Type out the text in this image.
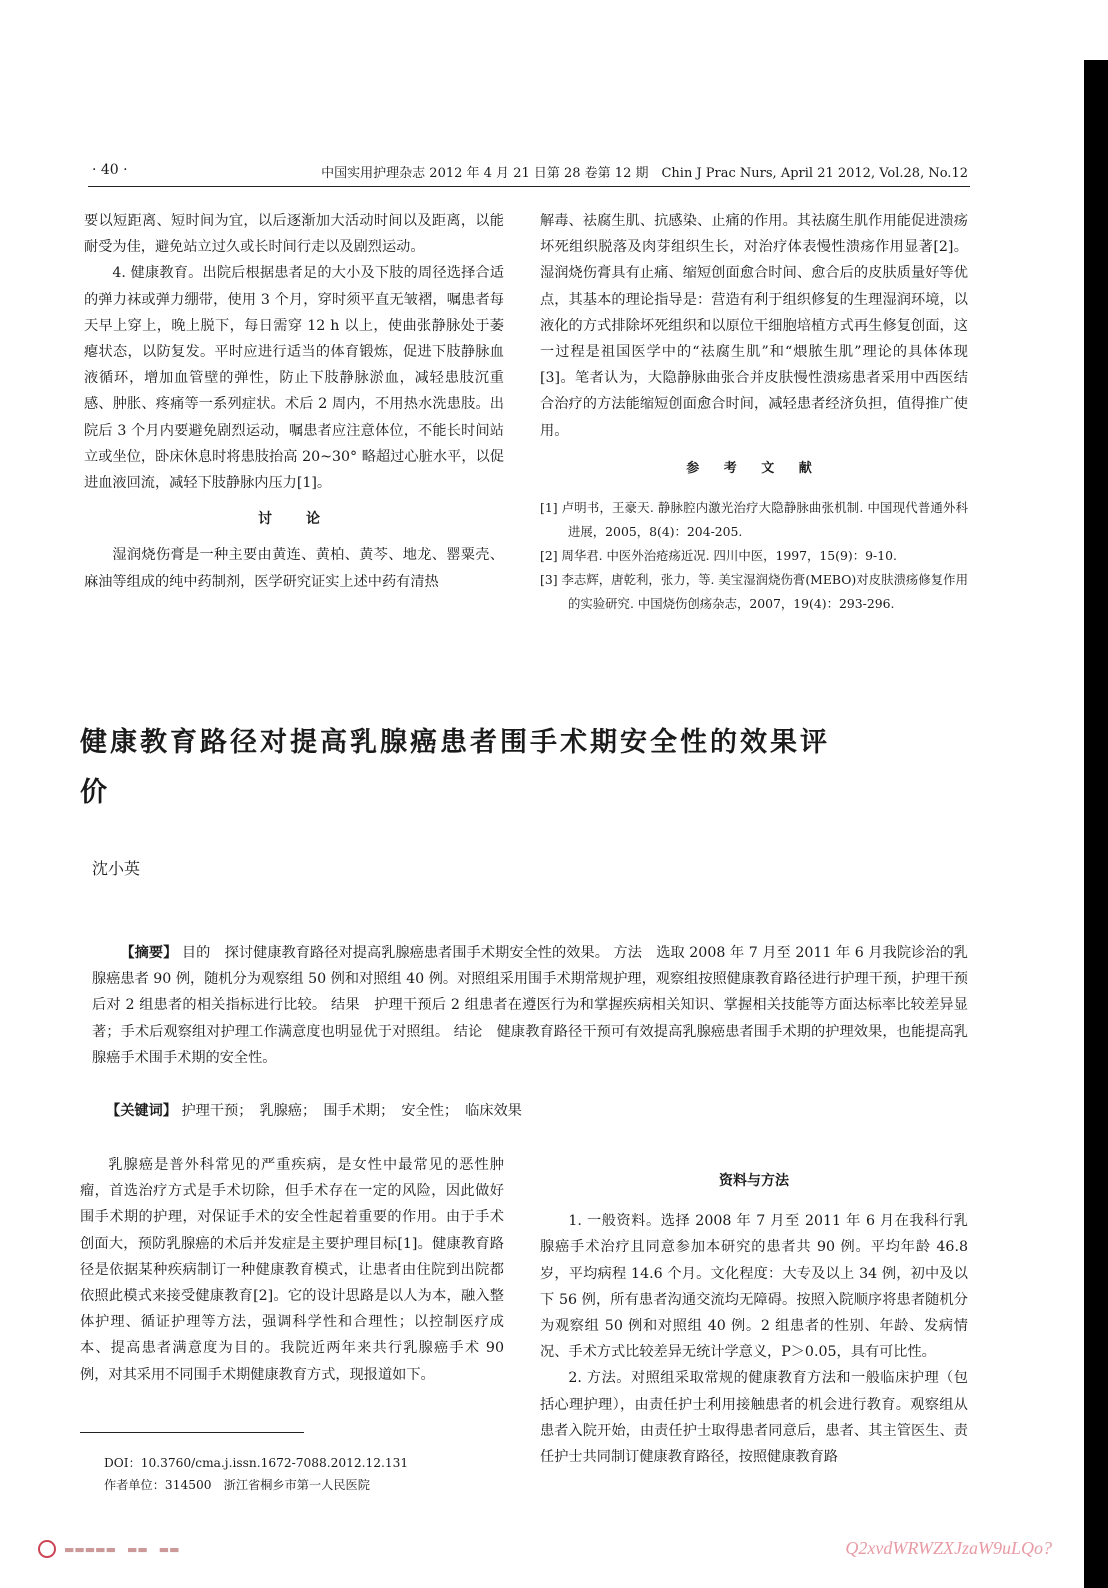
· 40 ·	中国实用护理杂志 2012 年 4 月 21 日第 28 卷第 12 期　Chin J Prac Nurs, April 21 2012, Vol.28, No.12

要以短距离、短时间为宜，以后逐渐加大活动时间以及距离，以能耐受为佳，避免站立过久或长时间行走以及剧烈运动。

4. 健康教育。出院后根据患者足的大小及下肢的周径选择合适的弹力袜或弹力绷带，使用 3 个月，穿时须平直无皱褶，嘱患者每天早上穿上，晚上脱下，每日需穿 12 h 以上，使曲张静脉处于萎瘪状态，以防复发。平时应进行适当的体育锻炼，促进下肢静脉血液循环，增加血管壁的弹性，防止下肢静脉淤血，减轻患肢沉重感、肿胀、疼痛等一系列症状。术后 2 周内，不用热水洗患肢。出院后 3 个月内要避免剧烈运动，嘱患者应注意体位，不能长时间站立或坐位，卧床休息时将患肢抬高 20~30° 略超过心脏水平，以促进血液回流，减轻下肢静脉内压力[1]。

讨　论

湿润烧伤膏是一种主要由黄连、黄柏、黄芩、地龙、罂粟壳、麻油等组成的纯中药制剂，医学研究证实上述中药有清热

解毒、祛腐生肌、抗感染、止痛的作用。其祛腐生肌作用能促进溃疡坏死组织脱落及肉芽组织生长，对治疗体表慢性溃疡作用显著[2]。湿润烧伤膏具有止痛、缩短创面愈合时间、愈合后的皮肤质量好等优点，其基本的理论指导是：营造有利于组织修复的生理湿润环境，以液化的方式排除坏死组织和以原位干细胞培植方式再生修复创面，这一过程是祖国医学中的“祛腐生肌”和“煨脓生肌”理论的具体体现[3]。笔者认为，大隐静脉曲张合并皮肤慢性溃疡患者采用中西医结合治疗的方法能缩短创面愈合时间，减轻患者经济负担，值得推广使用。

参 考 文 献

[1] 卢明书，王豪天. 静脉腔内激光治疗大隐静脉曲张机制. 中国现代普通外科进展，2005，8(4)：204-205.

[2] 周华君. 中医外治疮疡近况. 四川中医，1997，15(9)：9-10.

[3] 李志辉，唐乾利，张力，等. 美宝湿润烧伤膏(MEBO)对皮肤溃疡修复作用的实验研究. 中国烧伤创疡杂志，2007，19(4)：293-296.

健康教育路径对提高乳腺癌患者围手术期安全性的效果评价
沈小英
【摘要】 目的　探讨健康教育路径对提高乳腺癌患者围手术期安全性的效果。 方法　选取 2008 年 7 月至 2011 年 6 月我院诊治的乳腺癌患者 90 例，随机分为观察组 50 例和对照组 40 例。对照组采用围手术期常规护理，观察组按照健康教育路径进行护理干预，护理干预后对 2 组患者的相关指标进行比较。 结果　护理干预后 2 组患者在遵医行为和掌握疾病相关知识、掌握相关技能等方面达标率比较差异显著；手术后观察组对护理工作满意度也明显优于对照组。 结论　健康教育路径干预可有效提高乳腺癌患者围手术期的护理效果，也能提高乳腺癌手术围手术期的安全性。
【关键词】 护理干预；　乳腺癌；　围手术期；　安全性；　临床效果

乳腺癌是普外科常见的严重疾病，是女性中最常见的恶性肿瘤，首选治疗方式是手术切除，但手术存在一定的风险，因此做好围手术期的护理，对保证手术的安全性起着重要的作用。由于手术创面大，预防乳腺癌的术后并发症是主要护理目标[1]。健康教育路径是依据某种疾病制订一种健康教育模式，让患者由住院到出院都依照此模式来接受健康教育[2]。它的设计思路是以人为本，融入整体护理、循证护理等方法，强调科学性和合理性；以控制医疗成本、提高患者满意度为目的。我院近两年来共行乳腺癌手术 90 例，对其采用不同围手术期健康教育方式，现报道如下。

资料与方法

1. 一般资料。选择 2008 年 7 月至 2011 年 6 月在我科行乳腺癌手术治疗且同意参加本研究的患者共 90 例。平均年龄 46.8 岁，平均病程 14.6 个月。文化程度：大专及以上 34 例，初中及以下 56 例，所有患者沟通交流均无障碍。按照入院顺序将患者随机分为观察组 50 例和对照组 40 例。2 组患者的性别、年龄、发病情况、手术方式比较差异无统计学意义，P＞0.05，具有可比性。

2. 方法。对照组采取常规的健康教育方法和一般临床护理（包括心理护理），由责任护士利用接触患者的机会进行教育。观察组从患者入院开始，由责任护士取得患者同意后，患者、其主管医生、责任护士共同制订健康教育路径，按照健康教育路

DOI：10.3760/cma.j.issn.1672-7088.2012.12.131
作者单位：314500　浙江省桐乡市第一人民医院
▬▬▬▬▬　▬▬　▬▬	Q2xvdWRWZXJzaW9uLQo?
